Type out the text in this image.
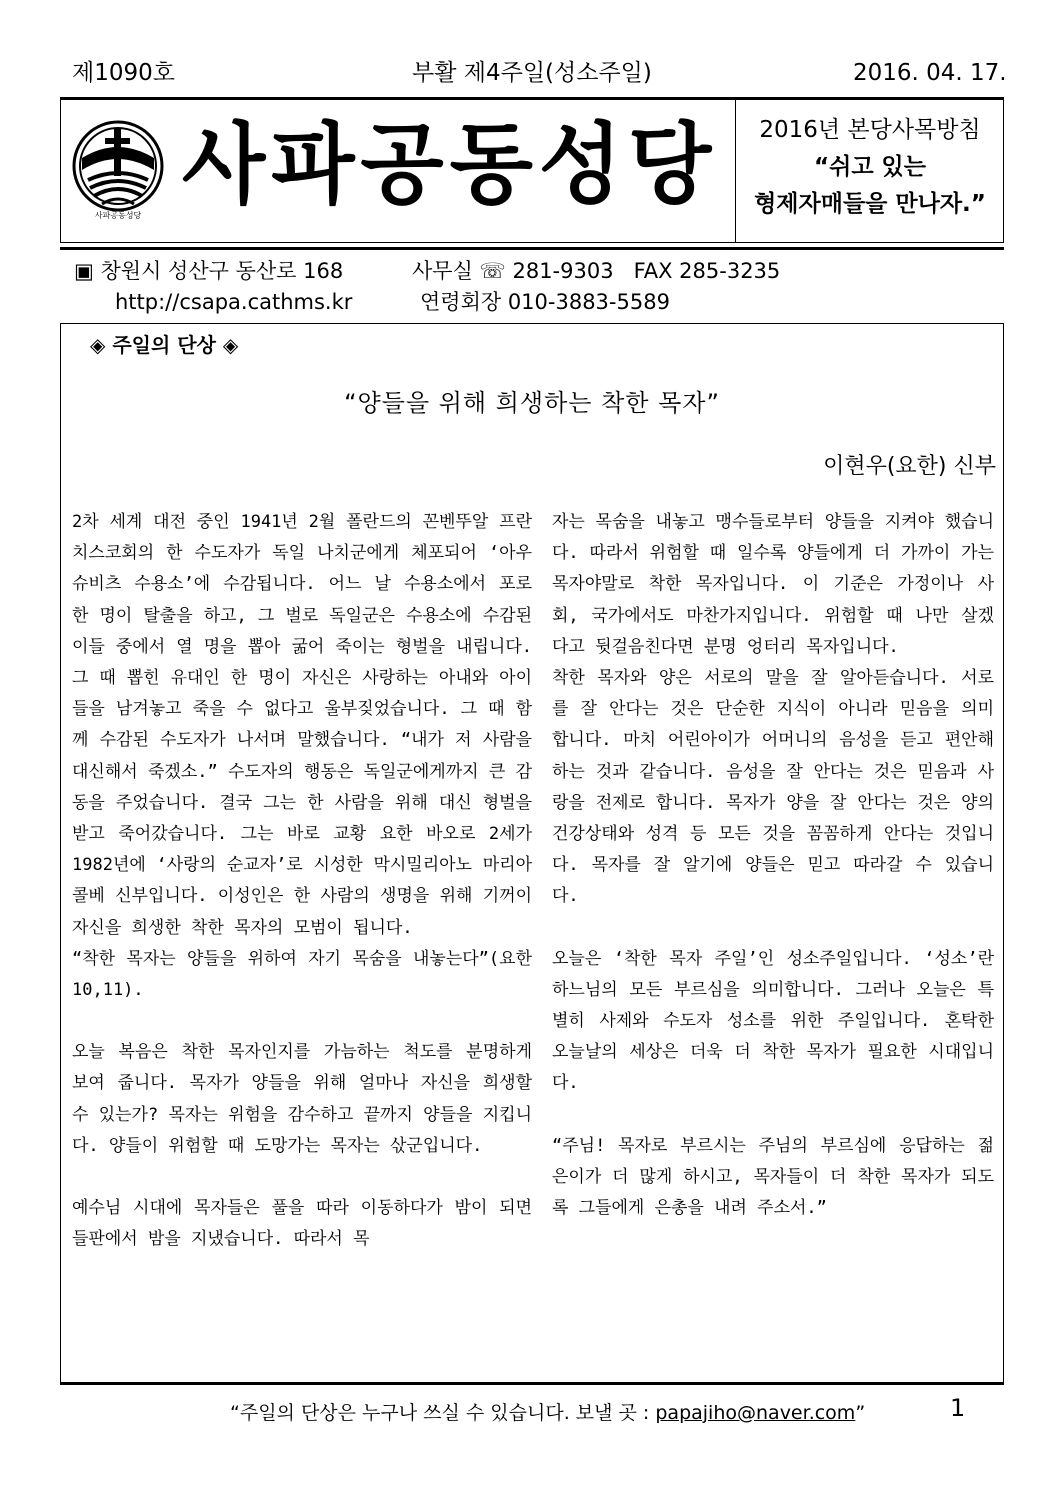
제1090호	부활 제4주일(성소주일)	2016. 04. 17.
사파공동성당 사파공동성당	2016년 본당사목방침
“쉬고 있는
형제자매들을 만나자.”
▣ 창원시 성산구 동산로 168	사무실 ☏ 281-9303   FAX 285-3235
http://csapa.cathms.kr	연령회장 010-3883-5589
◈ 주일의 단상 ◈
“양들을 위해 희생하는 착한 목자”
이현우(요한) 신부

2차 세계 대전 중인 1941년 2월 폴란드의 꼰벤뚜알 프란치스코회의 한 수도자가 독일 나치군에게 체포되어 ‘아우슈비츠 수용소’에 수감됩니다. 어느 날 수용소에서 포로 한 명이 탈출을 하고, 그 벌로 독일군은 수용소에 수감된 이들 중에서 열 명을 뽑아 굶어 죽이는 형벌을 내립니다. 그 때 뽑힌 유대인 한 명이 자신은 사랑하는 아내와 아이들을 남겨놓고 죽을 수 없다고 울부짖었습니다. 그 때 함께 수감된 수도자가 나서며 말했습니다. “내가 저 사람을 대신해서 죽겠소.” 수도자의 행동은 독일군에게까지 큰 감동을 주었습니다. 결국 그는 한 사람을 위해 대신 형벌을 받고 죽어갔습니다. 그는 바로 교황 요한 바오로 2세가 1982년에 ‘사랑의 순교자’로 시성한 막시밀리아노 마리아 콜베 신부입니다. 이성인은 한 사람의 생명을 위해 기꺼이 자신을 희생한 착한 목자의 모범이 됩니다.

“착한 목자는 양들을 위하여 자기 목숨을 내놓는다”(요한 10,11).

오늘 복음은 착한 목자인지를 가늠하는 척도를 분명하게 보여 줍니다. 목자가 양들을 위해 얼마나 자신을 희생할 수 있는가? 목자는 위험을 감수하고 끝까지 양들을 지킵니다. 양들이 위험할 때 도망가는 목자는 삯군입니다.

예수님 시대에 목자들은 풀을 따라 이동하다가 밤이 되면 들판에서 밤을 지냈습니다. 따라서 목

자는 목숨을 내놓고 맹수들로부터 양들을 지켜야 했습니다. 따라서 위험할 때 일수록 양들에게 더 가까이 가는 목자야말로 착한 목자입니다. 이 기준은 가정이나 사회, 국가에서도 마찬가지입니다. 위험할 때 나만 살겠다고 뒷걸음친다면 분명 엉터리 목자입니다.

착한 목자와 양은 서로의 말을 잘 알아듣습니다. 서로를 잘 안다는 것은 단순한 지식이 아니라 믿음을 의미합니다. 마치 어린아이가 어머니의 음성을 듣고 편안해하는 것과 같습니다. 음성을 잘 안다는 것은 믿음과 사랑을 전제로 합니다. 목자가 양을 잘 안다는 것은 양의 건강상태와 성격 등 모든 것을 꼼꼼하게 안다는 것입니다. 목자를 잘 알기에 양들은 믿고 따라갈 수 있습니다.

오늘은 ‘착한 목자 주일’인 성소주일입니다. ‘성소’란 하느님의 모든 부르심을 의미합니다. 그러나 오늘은 특별히 사제와 수도자 성소를 위한 주일입니다. 혼탁한 오늘날의 세상은 더욱 더 착한 목자가 필요한 시대입니다.

“주님! 목자로 부르시는 주님의 부르심에 응답하는 젊은이가 더 많게 하시고, 목자들이 더 착한 목자가 되도록 그들에게 은총을 내려 주소서.”

“주일의 단상은 누구나 쓰실 수 있습니다. 보낼 곳 : papajiho@naver.com”	1
